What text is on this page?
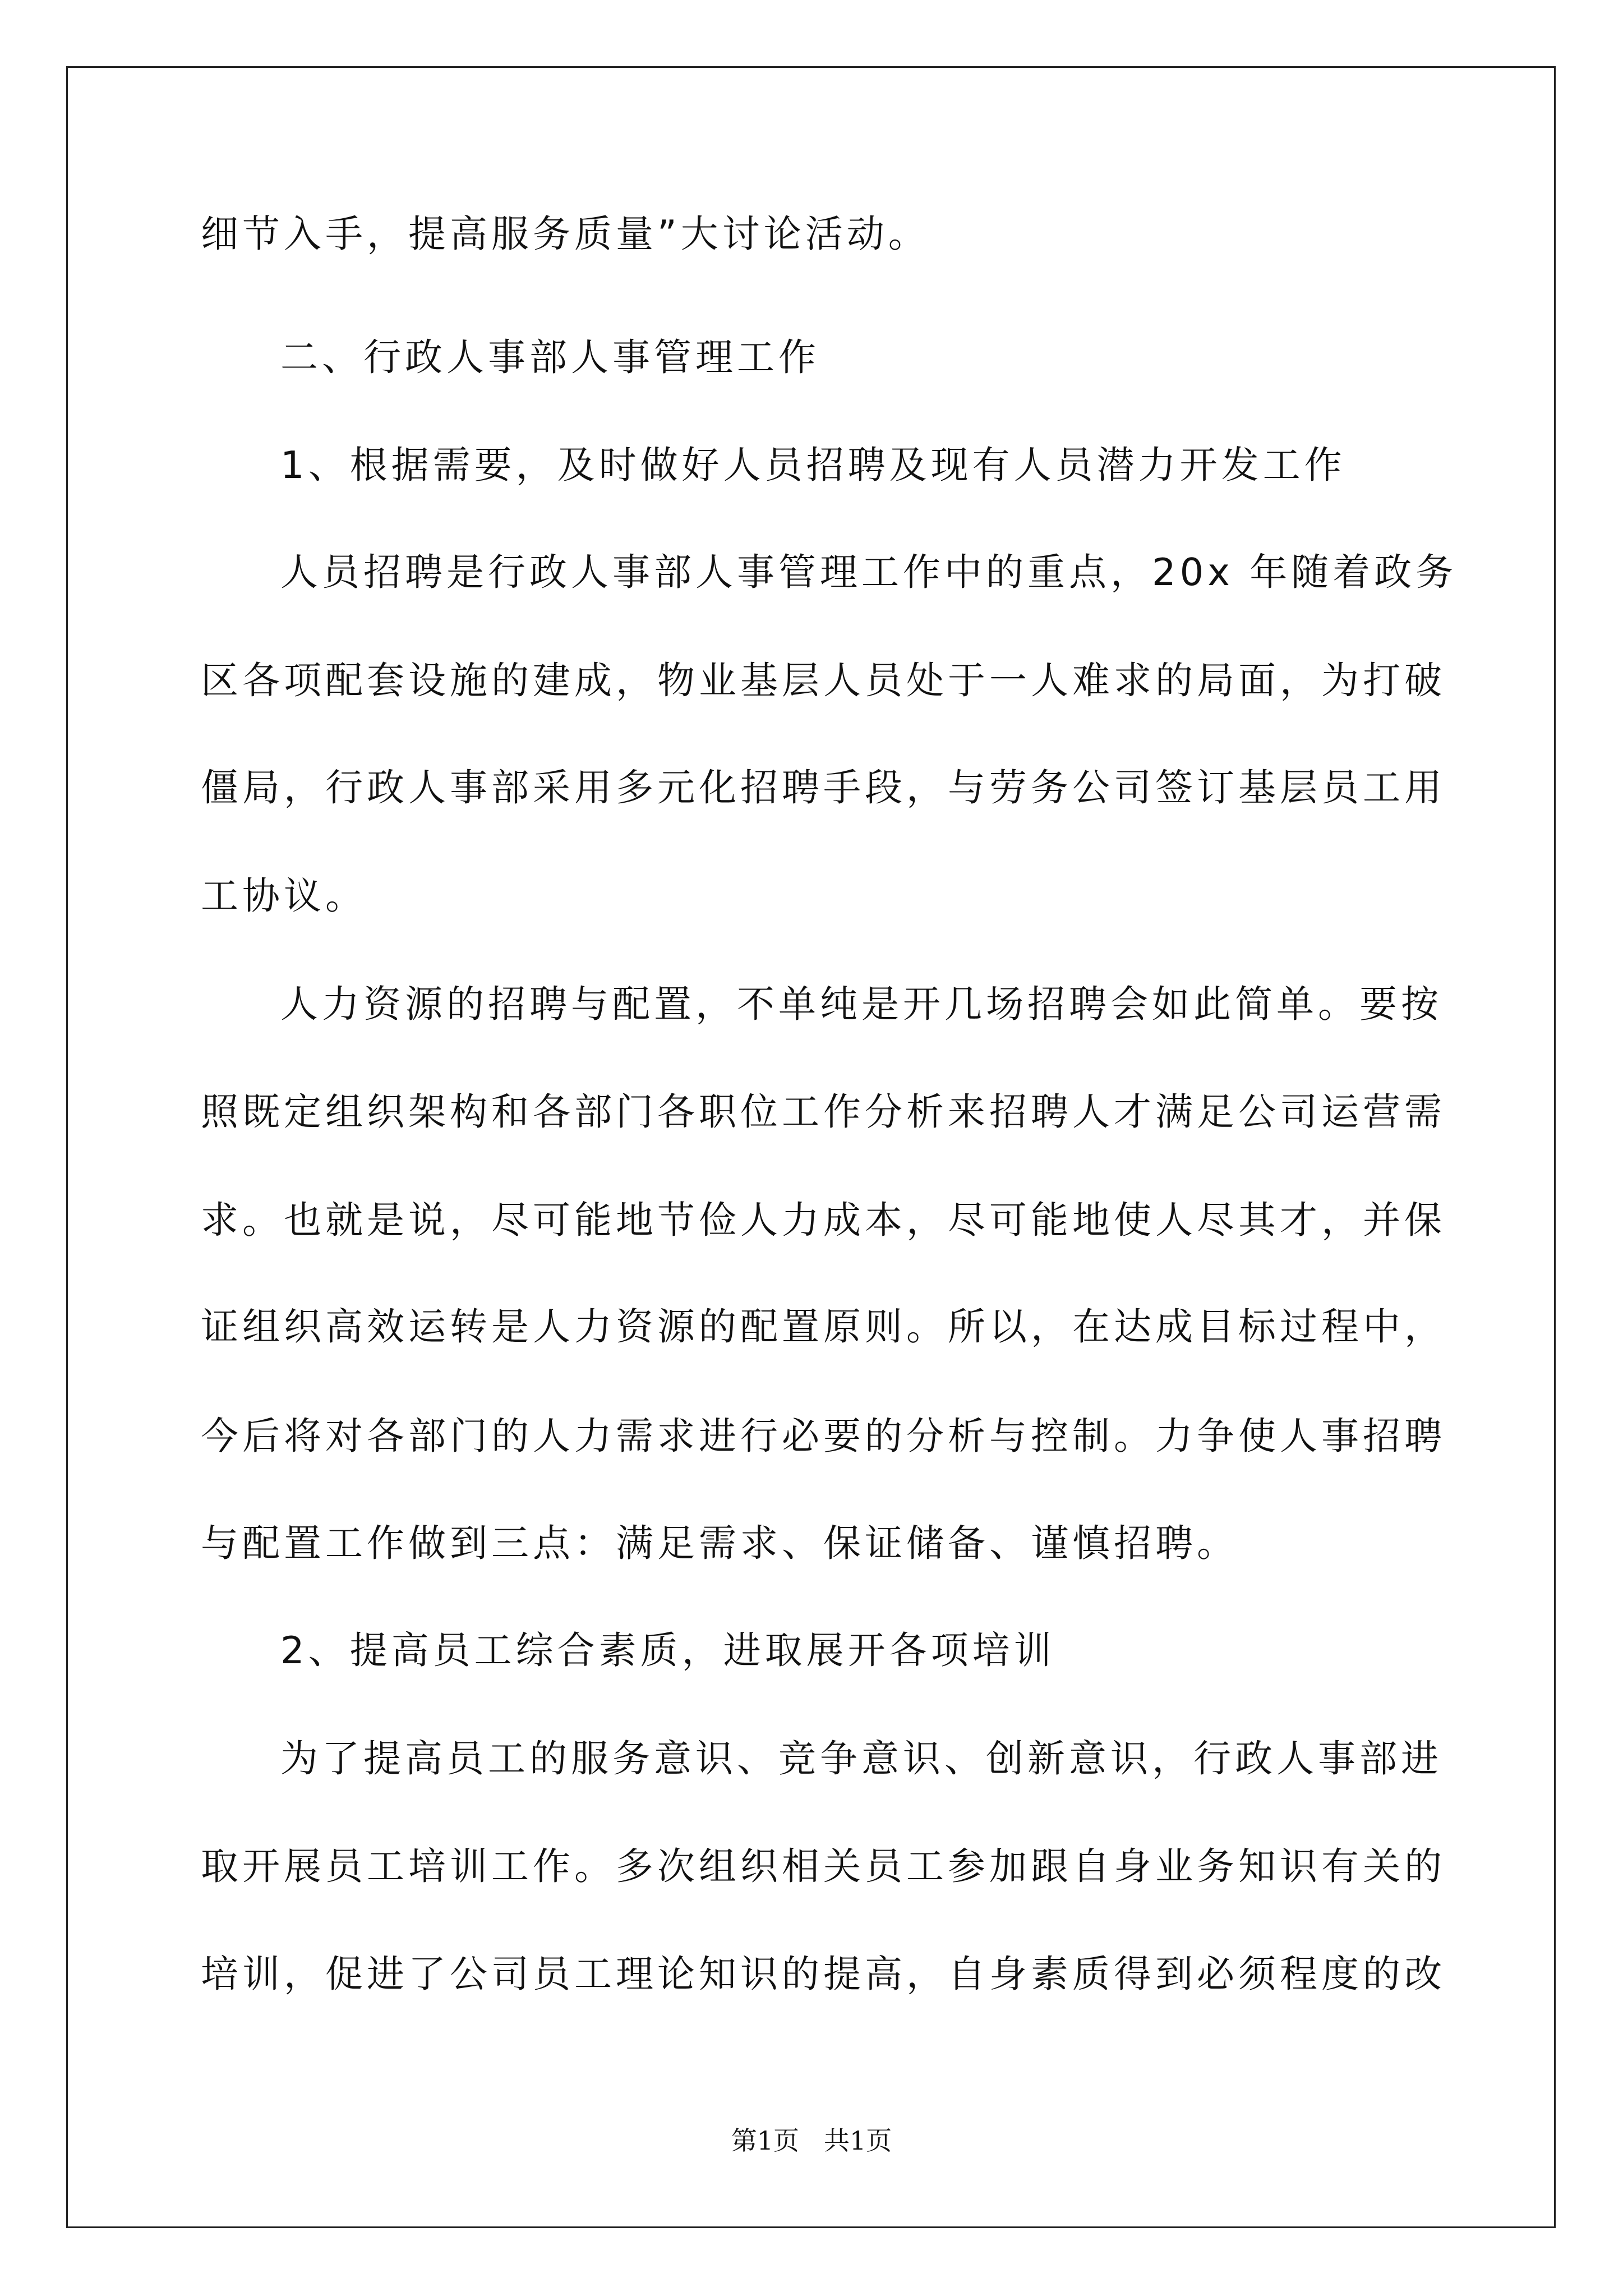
细节入手，提高服务质量”大讨论活动。
二、行政人事部人事管理工作
1、根据需要，及时做好人员招聘及现有人员潜力开发工作
人员招聘是行政人事部人事管理工作中的重点，20x 年随着政务
区各项配套设施的建成，物业基层人员处于一人难求的局面，为打破
僵局，行政人事部采用多元化招聘手段，与劳务公司签订基层员工用
工协议。
人力资源的招聘与配置，不单纯是开几场招聘会如此简单。要按
照既定组织架构和各部门各职位工作分析来招聘人才满足公司运营需
求。也就是说，尽可能地节俭人力成本，尽可能地使人尽其才，并保
证组织高效运转是人力资源的配置原则。所以，在达成目标过程中，
今后将对各部门的人力需求进行必要的分析与控制。力争使人事招聘
与配置工作做到三点：满足需求、保证储备、谨慎招聘。
2、提高员工综合素质，进取展开各项培训
为了提高员工的服务意识、竞争意识、创新意识，行政人事部进
取开展员工培训工作。多次组织相关员工参加跟自身业务知识有关的
培训，促进了公司员工理论知识的提高，自身素质得到必须程度的改
第1页 共1页
